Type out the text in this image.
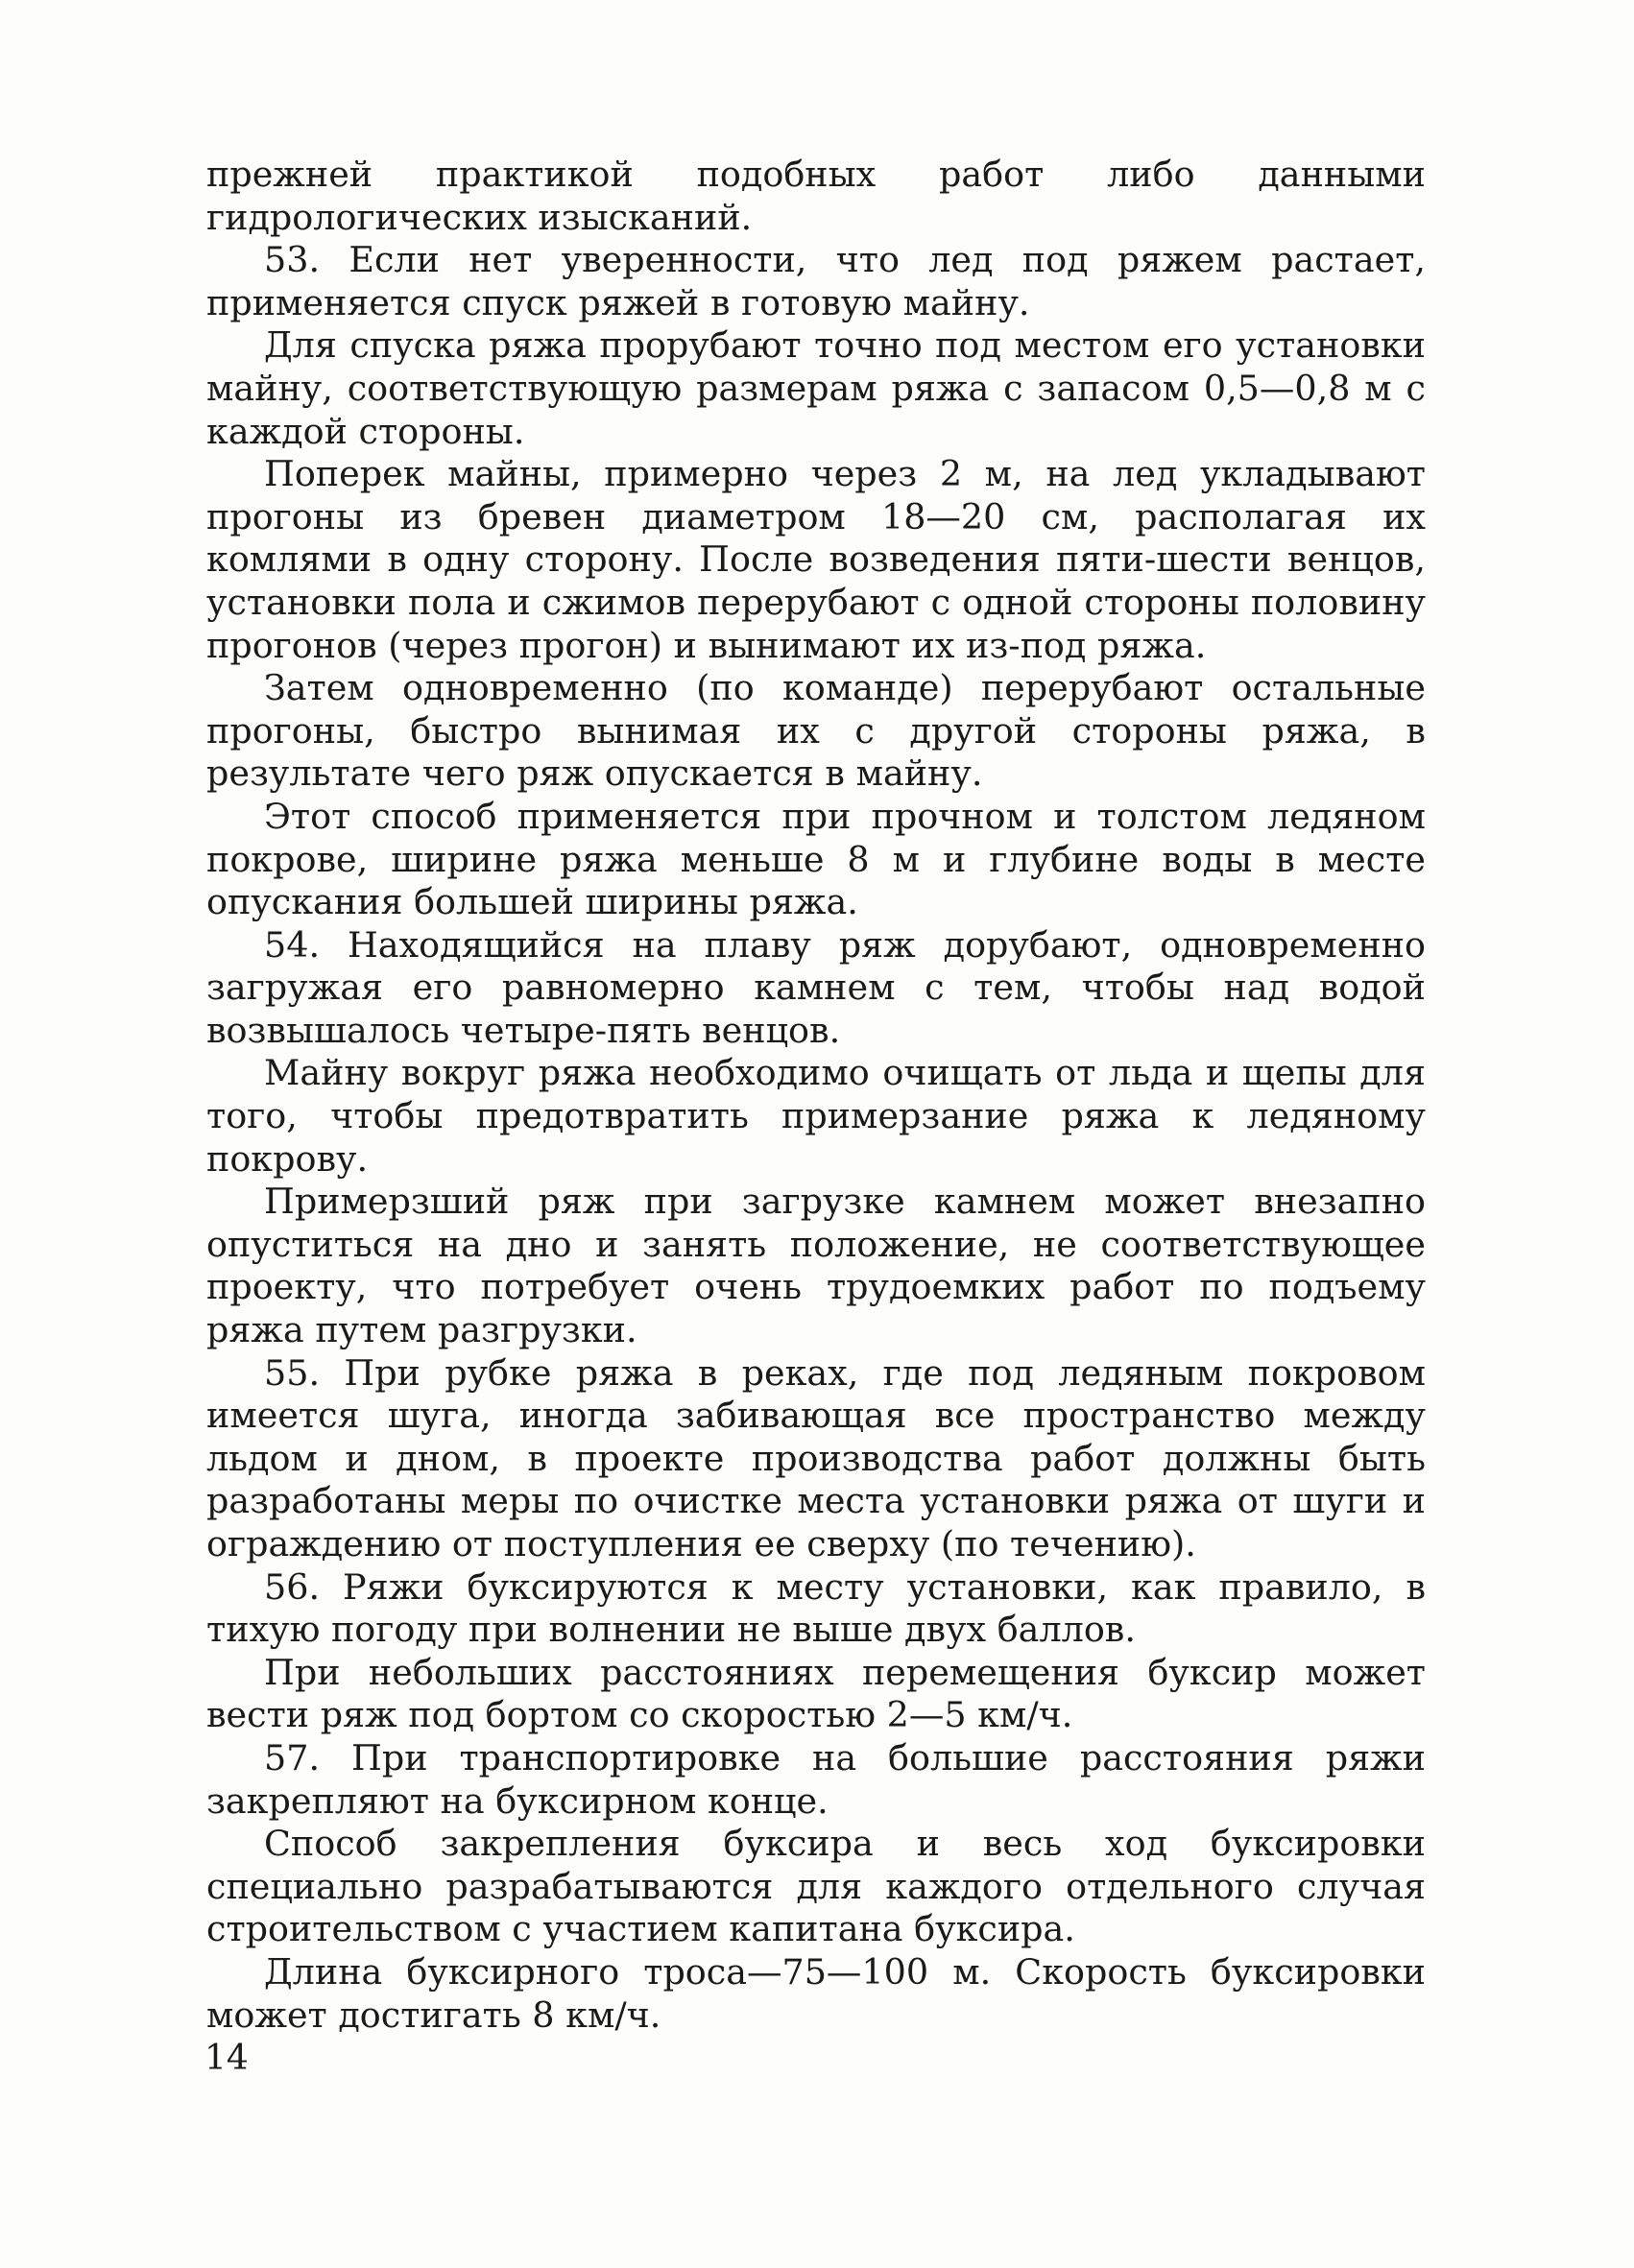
прежней практикой подобных работ либо данными гидрологических изысканий.

53. Если нет уверенности, что лед под ряжем растает, применяется спуск ряжей в готовую майну.

Для спуска ряжа прорубают точно под местом его установки майну, соответствующую размерам ряжа с запасом 0,5—0,8 м с каждой стороны.

Поперек майны, примерно через 2 м, на лед укладывают прогоны из бревен диаметром 18—20 см, располагая их комлями в одну сторону. После возведения пяти-шести венцов, установки пола и сжимов перерубают с одной стороны половину прогонов (через прогон) и вынимают их из-под ряжа.

Затем одновременно (по команде) перерубают остальные прогоны, быстро вынимая их с другой стороны ряжа, в результате чего ряж опускается в майну.

Этот способ применяется при прочном и толстом ледяном покрове, ширине ряжа меньше 8 м и глубине воды в месте опускания большей ширины ряжа.

54. Находящийся на плаву ряж дорубают, одновременно загружая его равномерно камнем с тем, чтобы над водой возвышалось четыре-пять венцов.

Майну вокруг ряжа необходимо очищать от льда и щепы для того, чтобы предотвратить примерзание ряжа к ледяному покрову.

Примерзший ряж при загрузке камнем может внезапно опуститься на дно и занять положение, не соответствующее проекту, что потребует очень трудоемких работ по подъему ряжа путем разгрузки.

55. При рубке ряжа в реках, где под ледяным покровом имеется шуга, иногда забивающая все пространство между льдом и дном, в проекте производства работ должны быть разработаны меры по очистке места установки ряжа от шуги и ограждению от поступления ее сверху (по течению).

56. Ряжи буксируются к месту установки, как правило, в тихую погоду при волнении не выше двух баллов.

При небольших расстояниях перемещения буксир может вести ряж под бортом со скоростью 2—5 км/ч.

57. При транспортировке на большие расстояния ряжи закрепляют на буксирном конце.

Способ закрепления буксира и весь ход буксировки специально разрабатываются для каждого отдельного случая строительством с участием капитана буксира.

Длина буксирного троса—75—100 м. Скорость буксировки может достигать 8 км/ч.

14
